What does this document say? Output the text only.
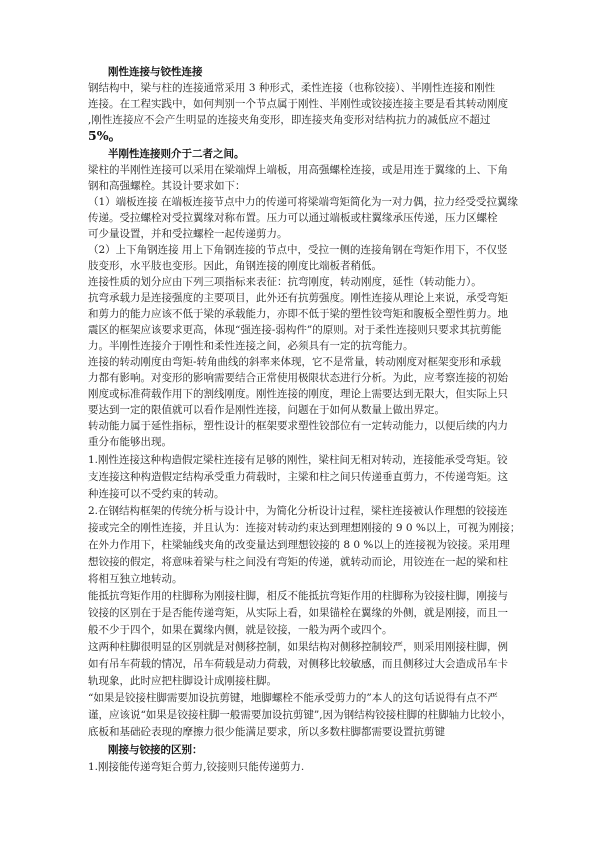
刚性连接与铰性连接
钢结构中，梁与柱的连接通常采用 3 种形式，柔性连接（也称铰接）、半刚性连接和刚性
连接。在工程实践中，如何判别一个节点属于刚性、半刚性或铰接连接主要是看其转动刚度
,刚性连接应不会产生明显的连接夹角变形，即连接夹角变形对结构抗力的减低应不超过
5%。
半刚性连接则介于二者之间。
梁柱的半刚性连接可以采用在梁端焊上端板，用高强螺栓连接，或是用连于翼缘的上、下角
钢和高强螺栓。其设计要求如下：
（1）端板连接 在端板连接节点中力的传递可将梁端弯矩简化为一对力偶，拉力经受受拉翼缘
传递。受拉螺栓对受拉翼缘对称布置。压力可以通过端板或柱翼缘承压传递，压力区螺栓
可少量设置，并和受拉螺栓一起传递剪力。
（2）上下角钢连接 用上下角钢连接的节点中，受拉一侧的连接角钢在弯矩作用下，不仅竖
肢变形，水平肢也变形。因此，角钢连接的刚度比端板者稍低。
连接性质的划分应由下列三项指标来表征：抗弯刚度，转动刚度，延性（转动能力）。
抗弯承载力是连接强度的主要项目，此外还有抗剪强度。刚性连接从理论上来说，承受弯矩
和剪力的能力应该不低于梁的承载能力，亦即不低于梁的塑性铰弯矩和腹板全塑性剪力。地
震区的框架应该要求更高，体现“强连接-弱构件”的原则。对于柔性连接则只要求其抗剪能
力。半刚性连接介于刚性和柔性连接之间，必须具有一定的抗弯能力。
连接的转动刚度由弯矩-转角曲线的斜率来体现，它不是常量，转动刚度对框架变形和承载
力都有影响。对变形的影响需要结合正常使用极限状态进行分析。为此，应考察连接的初始
刚度或标准荷载作用下的割线刚度。刚性连接的刚度，理论上需要达到无限大，但实际上只
要达到一定的限值就可以看作是刚性连接，问题在于如何从数量上做出界定。
转动能力属于延性指标，塑性设计的框架要求塑性铰部位有一定转动能力，以便后续的内力
重分布能够出现。
1.刚性连接这种构造假定梁柱连接有足够的刚性，梁柱间无相对转动，连接能承受弯矩。铰
支连接这种构造假定结构承受重力荷载时，主梁和柱之间只传递垂直剪力，不传递弯矩。这
种连接可以不受约束的转动。
2.在钢结构框架的传统分析与设计中，为简化分析设计过程，梁柱连接被认作理想的铰接连
接或完全的刚性连接，并且认为：连接对转动约束达到理想刚接的 9 0 %以上，可视为刚接；
在外力作用下，柱梁轴线夹角的改变量达到理想铰接的 8 0 %以上的连接视为铰接。采用理
想铰接的假定，将意味着梁与柱之间没有弯矩的传递，就转动而论，用铰连在一起的梁和柱
将相互独立地转动。
能抵抗弯矩作用的柱脚称为刚接柱脚，相反不能抵抗弯矩作用的柱脚称为铰接柱脚，刚接与
铰接的区别在于是否能传递弯矩，从实际上看，如果锚栓在翼缘的外侧，就是刚接，而且一
般不少于四个，如果在翼缘内侧，就是铰接，一般为两个或四个。
这两种柱脚很明显的区别就是对侧移控制，如果结构对侧移控制较严，则采用刚接柱脚，例
如有吊车荷载的情况，吊车荷载是动力荷载，对侧移比较敏感，而且侧移过大会造成吊车卡
轨现象，此时应把柱脚设计成刚接柱脚。
“如果是铰接柱脚需要加设抗剪键，地脚螺栓不能承受剪力的”本人的这句话说得有点不严
谨，应该说“如果是铰接柱脚一般需要加设抗剪键”,因为钢结构铰接柱脚的柱脚轴力比较小，
底板和基础砼表现的摩擦力很少能满足要求，所以多数柱脚都需要设置抗剪键
刚接与铰接的区别：
1.刚接能传递弯矩合剪力,铰接则只能传递剪力.
